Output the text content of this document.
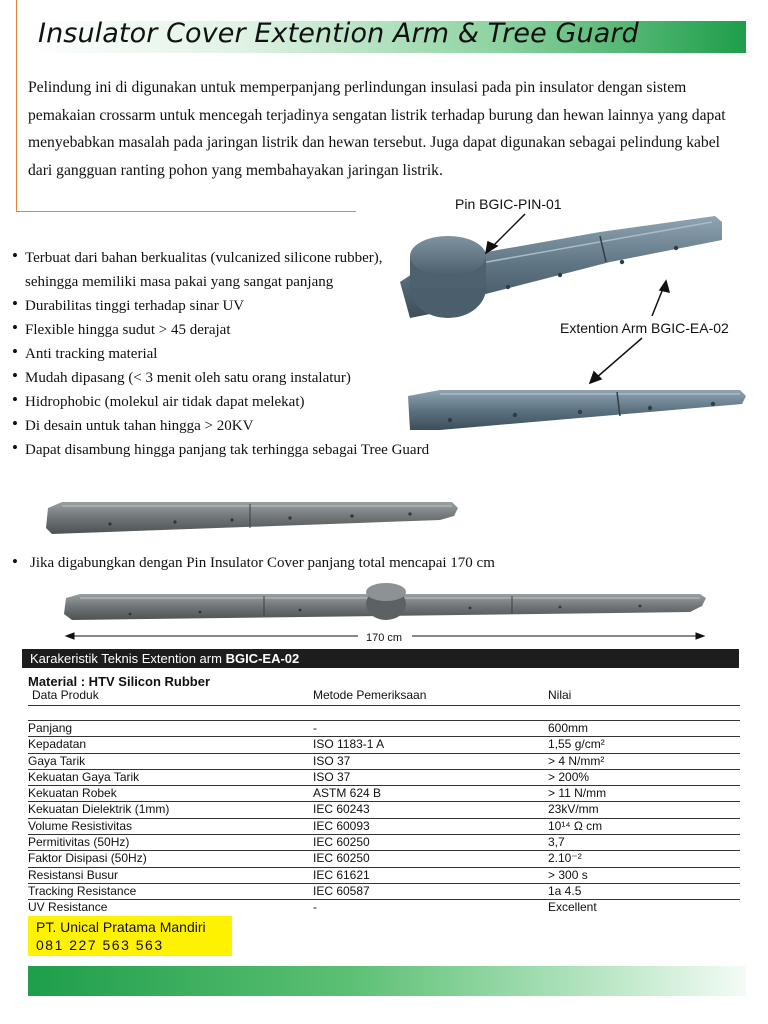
Insulator Cover Extention Arm & Tree Guard
Pelindung ini di digunakan untuk memperpanjang perlindungan insulasi pada pin insulator dengan sistem pemakaian crossarm untuk mencegah terjadinya sengatan listrik terhadap burung dan hewan lainnya yang dapat menyebabkan masalah pada jaringan listrik dan hewan tersebut. Juga dapat digunakan sebagai pelindung kabel dari gangguan ranting pohon yang membahayakan jaringan listrik.
Pin BGIC-PIN-01
Extention Arm BGIC-EA-02
• Terbuat dari bahan berkualitas (vulcanized silicone rubber), sehingga memiliki masa pakai yang sangat panjang
• Durabilitas tinggi terhadap sinar UV
• Flexible hingga sudut > 45 derajat
• Anti tracking material
• Mudah dipasang (< 3 menit oleh satu orang instalatur)
• Hidrophobic (molekul air tidak dapat melekat)
• Di desain untuk tahan hingga > 20KV
• Dapat disambung hingga panjang tak terhingga sebagai Tree Guard
• Jika digabungkan dengan Pin Insulator Cover panjang total mencapai 170 cm
170 cm
Karakeristik Teknis Extention arm BGIC-EA-02
Material : HTV Silicon Rubber
Data Produk	Metode Pemeriksaan	Nilai
Panjang	-	600mm
Kepadatan	ISO 1183-1 A	1,55 g/cm²
Gaya Tarik	ISO 37	> 4 N/mm²
Kekuatan Gaya Tarik	ISO 37	> 200%
Kekuatan Robek	ASTM 624 B	> 11 N/mm
Kekuatan Dielektrik (1mm)	IEC 60243	23kV/mm
Volume Resistivitas	IEC 60093	10¹⁴ Ω cm
Permitivitas (50Hz)	IEC 60250	3,7
Faktor Disipasi (50Hz)	IEC 60250	2.10⁻²
Resistansi Busur	IEC 61621	> 300 s
Tracking Resistance	IEC 60587	1a 4.5
UV Resistance	-	Excellent
PT. Unical Pratama Mandiri
081 227 563 563
